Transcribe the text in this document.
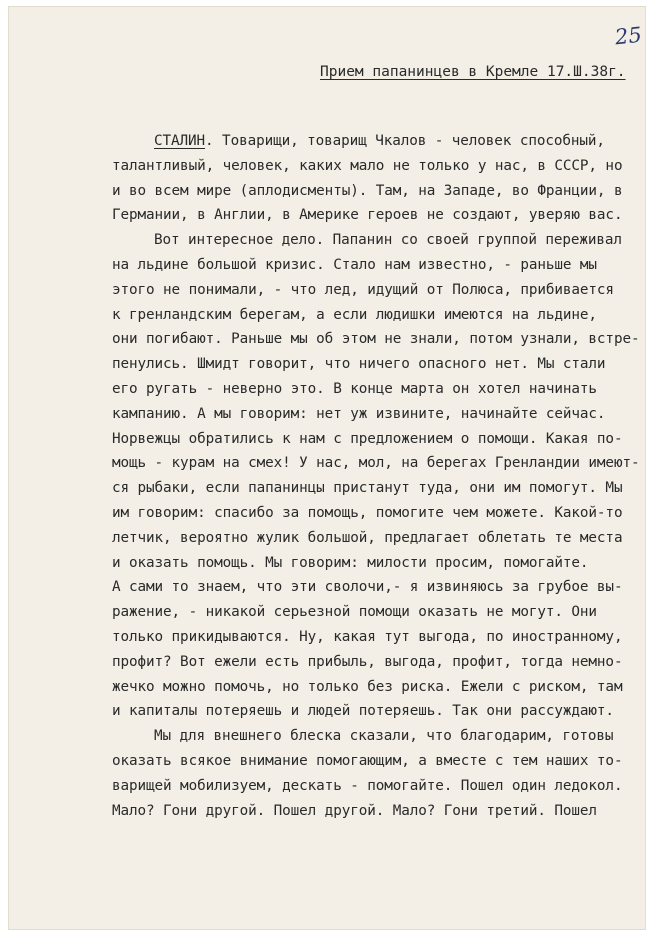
25
Прием папанинцев в Кремле 17.Ш.38г.
СТАЛИН. Товарищи, товарищ Чкалов - человек способный,
талантливый, человек, каких мало не только у нас, в СССР, но
и во всем мире (аплодисменты). Там, на Западе, во Франции, в
Германии, в Англии, в Америке героев не создают, уверяю вас.
Вот интересное дело. Папанин со своей группой переживал
на льдине большой кризис. Стало нам известно, - раньше мы
этого не понимали, - что лед, идущий от Полюса, прибивается
к гренландским берегам, а если людишки имеются на льдине,
они погибают. Раньше мы об этом не знали, потом узнали, встре-
пенулись. Шмидт говорит, что ничего опасного нет. Мы стали
его ругать - неверно это. В конце марта он хотел начинать
кампанию. А мы говорим: нет уж извините, начинайте сейчас.
Норвежцы обратились к нам с предложением о помощи. Какая по-
мощь - курам на смех! У нас, мол, на берегах Гренландии имеют-
ся рыбаки, если папанинцы пристанут туда, они им помогут. Мы
им говорим: спасибо за помощь, помогите чем можете. Какой-то
летчик, вероятно жулик большой, предлагает облетать те места
и оказать помощь. Мы говорим: милости просим, помогайте.
А сами то знаем, что эти сволочи,- я извиняюсь за грубое вы-
ражение, - никакой серьезной помощи оказать не могут. Они
только прикидываются. Ну, какая тут выгода, по иностранному,
профит? Вот ежели есть прибыль, выгода, профит, тогда немно-
жечко можно помочь, но только без риска. Ежели с риском, там
и капиталы потеряешь и людей потеряешь. Так они рассуждают.
Мы для внешнего блеска сказали, что благодарим, готовы
оказать всякое внимание помогающим, а вместе с тем наших то-
варищей мобилизуем, дескать - помогайте. Пошел один ледокол.
Мало? Гони другой. Пошел другой. Мало? Гони третий. Пошел
